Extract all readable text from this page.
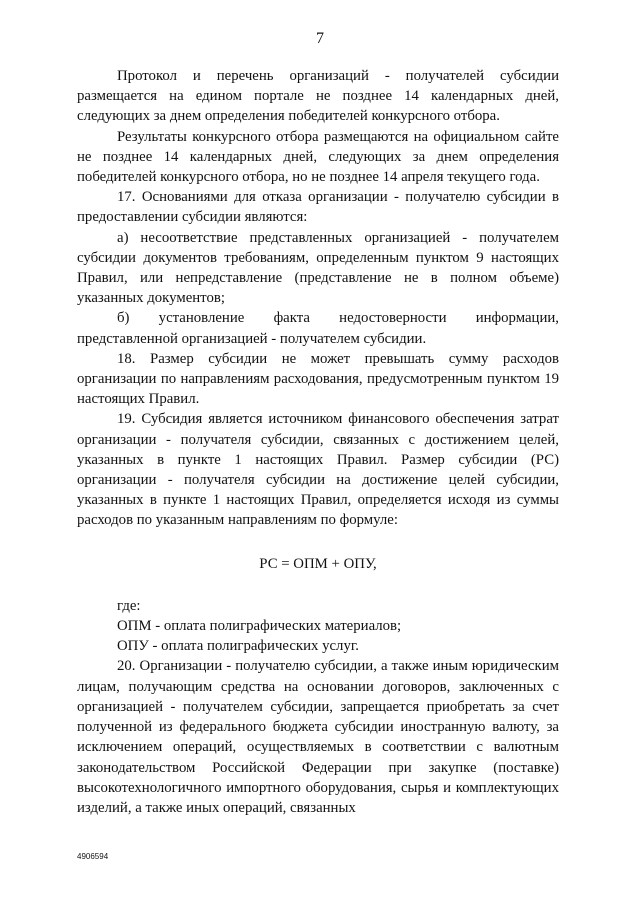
7

Протокол и перечень организаций - получателей субсидии размещается на едином портале не позднее 14 календарных дней, следующих за днем определения победителей конкурсного отбора.

Результаты конкурсного отбора размещаются на официальном сайте не позднее 14 календарных дней, следующих за днем определения победителей конкурсного отбора, но не позднее 14 апреля текущего года.

17. Основаниями для отказа организации - получателю субсидии в предоставлении субсидии являются:

а) несоответствие представленных организацией - получателем субсидии документов требованиям, определенным пунктом 9 настоящих Правил, или непредставление (представление не в полном объеме) указанных документов;

б) установление факта недостоверности информации, представленной организацией - получателем субсидии.

18. Размер субсидии не может превышать сумму расходов организации по направлениям расходования, предусмотренным пунктом 19 настоящих Правил.

19. Субсидия является источником финансового обеспечения затрат организации - получателя субсидии, связанных с достижением целей, указанных в пункте 1 настоящих Правил. Размер субсидии (РС) организации - получателя субсидии на достижение целей субсидии, указанных в пункте 1 настоящих Правил, определяется исходя из суммы расходов по указанным направлениям по формуле:

РС = ОПМ + ОПУ,

где:

ОПМ - оплата полиграфических материалов;

ОПУ - оплата полиграфических услуг.

20. Организации - получателю субсидии, а также иным юридическим лицам, получающим средства на основании договоров, заключенных с организацией - получателем субсидии, запрещается приобретать за счет полученной из федерального бюджета субсидии иностранную валюту, за исключением операций, осуществляемых в соответствии с валютным законодательством Российской Федерации при закупке (поставке) высокотехнологичного импортного оборудования, сырья и комплектующих изделий, а также иных операций, связанных

4906594
